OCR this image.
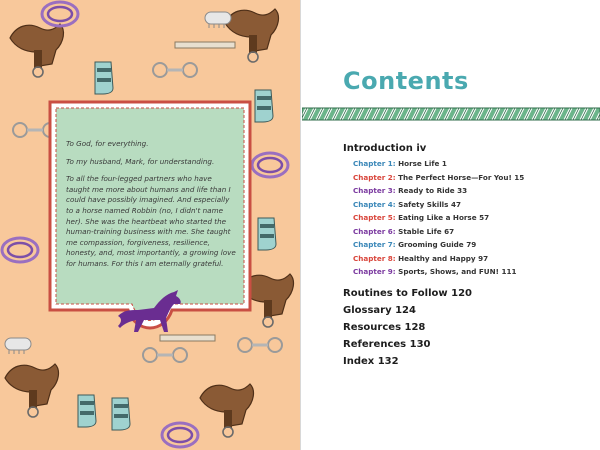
To God, for everything.

To my husband, Mark, for understanding.

To all the four-legged partners who have taught me more about humans and life than I could have possibly imagined. And especially to a horse named Robbin (no, I didn't name her). She was the heartbeat who started the human-training business with me. She taught me compassion, forgiveness, resilience, honesty, and, most importantly, a growing love for humans. For this I am eternally grateful.

Contents
Introduction iv
Chapter 1: Horse Life 1
Chapter 2: The Perfect Horse—For You! 15
Chapter 3: Ready to Ride 33
Chapter 4: Safety Skills 47
Chapter 5: Eating Like a Horse 57
Chapter 6: Stable Life 67
Chapter 7: Grooming Guide 79
Chapter 8: Healthy and Happy 97
Chapter 9: Sports, Shows, and FUN! 111
Routines to Follow 120
Glossary 124
Resources 128
References 130
Index 132
